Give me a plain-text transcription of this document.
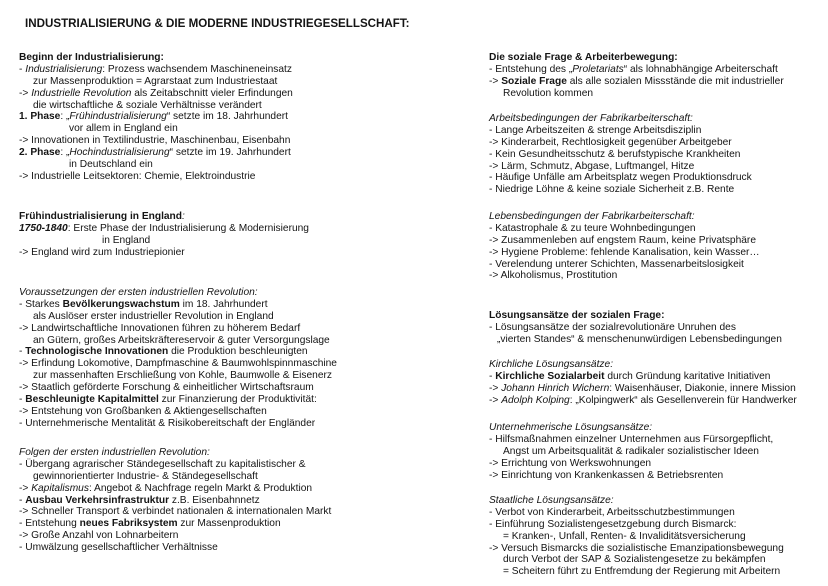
INDUSTRIALISIERUNG & DIE MODERNE INDUSTRIEGESELLSCHAFT:
Beginn der Industrialisierung:
- Industrialisierung: Prozess wachsendem Maschineneinsatz
zur Massenproduktion = Agrarstaat zum Industriestaat
-> Industrielle Revolution als Zeitabschnitt vieler Erfindungen
die wirtschaftliche & soziale Verhältnisse verändert
1. Phase: „Frühindustrialisierung“ setzte im 18. Jahrhundert
vor allem in England ein
-> Innovationen in Textilindustrie, Maschinenbau, Eisenbahn
2. Phase: „Hochindustrialisierung“ setzte im 19. Jahrhundert
in Deutschland ein
-> Industrielle Leitsektoren: Chemie, Elektroindustrie
Frühindustrialisierung in England:
1750-1840: Erste Phase der Industrialisierung & Modernisierung
in England
-> England wird zum Industriepionier
Voraussetzungen der ersten industriellen Revolution:
- Starkes Bevölkerungswachstum im 18. Jahrhundert
als Auslöser erster industrieller Revolution in England
-> Landwirtschaftliche Innovationen führen zu höherem Bedarf
an Gütern, großes Arbeitskräftereservoir & guter Versorgungslage
- Technologische Innovationen die Produktion beschleunigten
-> Erfindung Lokomotive, Dampfmaschine & Baumwohlspinnmaschine
zur massenhaften Erschließung von Kohle, Baumwolle & Eisenerz
-> Staatlich geförderte Forschung & einheitlicher Wirtschaftsraum
- Beschleunigte Kapitalmittel zur Finanzierung der Produktivität:
-> Entstehung von Großbanken & Aktiengesellschaften
- Unternehmerische Mentalität & Risikobereitschaft der Engländer
Folgen der ersten industriellen Revolution:
- Übergang agrarischer Ständegesellschaft zu kapitalistischer &
gewinnorientierter Industrie- & Ständegesellschaft
-> Kapitalismus: Angebot & Nachfrage regeln Markt & Produktion
- Ausbau Verkehrsinfrastruktur z.B. Eisenbahnnetz
-> Schneller Transport & verbindet nationalen & internationalen Markt
- Entstehung neues Fabriksystem zur Massenproduktion
-> Große Anzahl von Lohnarbeitern
- Umwälzung gesellschaftlicher Verhältnisse
Die soziale Frage & Arbeiterbewegung:
- Entstehung des „Proletariats“ als lohnabhängige Arbeiterschaft
-> Soziale Frage als alle sozialen Missstände die mit industrieller
Revolution kommen
Arbeitsbedingungen der Fabrikarbeiterschaft:
- Lange Arbeitszeiten & strenge Arbeitsdisziplin
-> Kinderarbeit, Rechtlosigkeit gegenüber Arbeitgeber
- Kein Gesundheitsschutz & berufstypische Krankheiten
-> Lärm, Schmutz, Abgase, Luftmangel, Hitze
- Häufige Unfälle am Arbeitsplatz wegen Produktionsdruck
- Niedrige Löhne & keine soziale Sicherheit z.B. Rente
Lebensbedingungen der Fabrikarbeiterschaft:
- Katastrophale & zu teure Wohnbedingungen
-> Zusammenleben auf engstem Raum, keine Privatsphäre
-> Hygiene Probleme: fehlende Kanalisation, kein Wasser…
- Verelendung unterer Schichten, Massenarbeitslosigkeit
-> Alkoholismus, Prostitution
Lösungsansätze der sozialen Frage:
- Lösungsansätze der sozialrevolutionäre Unruhen des
„vierten Standes“ & menschenunwürdigen Lebensbedingungen
Kirchliche Lösungsansätze:
- Kirchliche Sozialarbeit durch Gründung karitative Initiativen
-> Johann Hinrich Wichern: Waisenhäuser, Diakonie, innere Mission
-> Adolph Kolping: „Kolpingwerk“ als Gesellenverein für Handwerker
Unternehmerische Lösungsansätze:
- Hilfsmaßnahmen einzelner Unternehmen aus Fürsorgepflicht,
Angst um Arbeitsqualität & radikaler sozialistischer Ideen
-> Errichtung von Werkswohnungen
-> Einrichtung von Krankenkassen & Betriebsrenten
Staatliche Lösungsansätze:
- Verbot von Kinderarbeit, Arbeitsschutzbestimmungen
- Einführung Sozialistengesetzgebung durch Bismarck:
= Kranken-, Unfall, Renten- & Invaliditätsversicherung
-> Versuch Bismarcks die sozialistische Emanzipationsbewegung
durch Verbot der SAP & Sozialistengesetze zu bekämpfen
= Scheitern führt zu Entfremdung der Regierung mit Arbeitern
